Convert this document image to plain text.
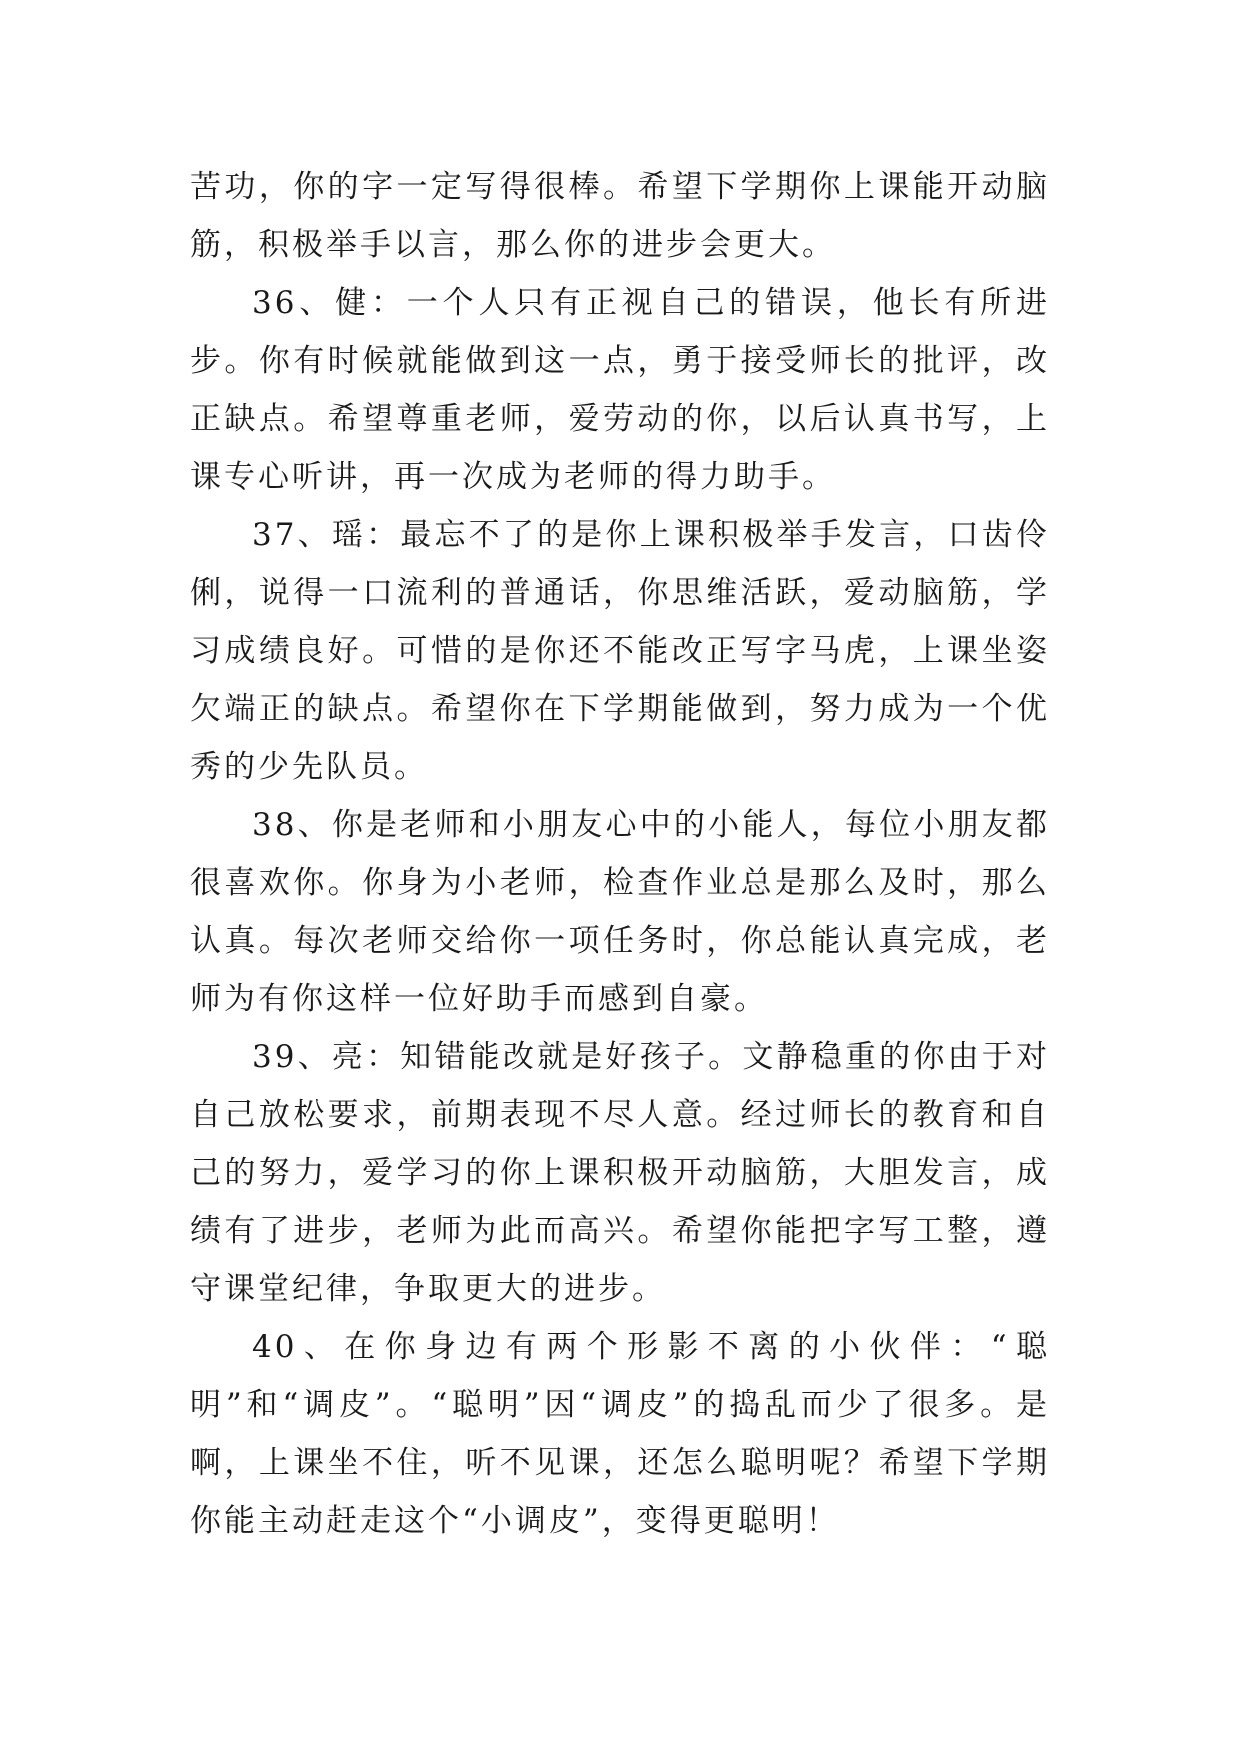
苦功，你的字一定写得很棒。希望下学期你上课能开动脑筋，积极举手以言，那么你的进步会更大。

36、健：一个人只有正视自己的错误，他长有所进步。你有时候就能做到这一点，勇于接受师长的批评，改正缺点。希望尊重老师，爱劳动的你，以后认真书写，上课专心听讲，再一次成为老师的得力助手。

37、瑶：最忘不了的是你上课积极举手发言，口齿伶俐，说得一口流利的普通话，你思维活跃，爱动脑筋，学习成绩良好。可惜的是你还不能改正写字马虎，上课坐姿欠端正的缺点。希望你在下学期能做到，努力成为一个优秀的少先队员。

38、你是老师和小朋友心中的小能人，每位小朋友都很喜欢你。你身为小老师，检查作业总是那么及时，那么认真。每次老师交给你一项任务时，你总能认真完成，老师为有你这样一位好助手而感到自豪。

39、亮：知错能改就是好孩子。文静稳重的你由于对自己放松要求，前期表现不尽人意。经过师长的教育和自己的努力，爱学习的你上课积极开动脑筋，大胆发言，成绩有了进步，老师为此而高兴。希望你能把字写工整，遵守课堂纪律，争取更大的进步。

40、在你身边有两个形影不离的小伙伴：“聪明”和“调皮”。“聪明”因“调皮”的捣乱而少了很多。是啊，上课坐不住，听不见课，还怎么聪明呢？希望下学期你能主动赶走这个“小调皮”，变得更聪明！
